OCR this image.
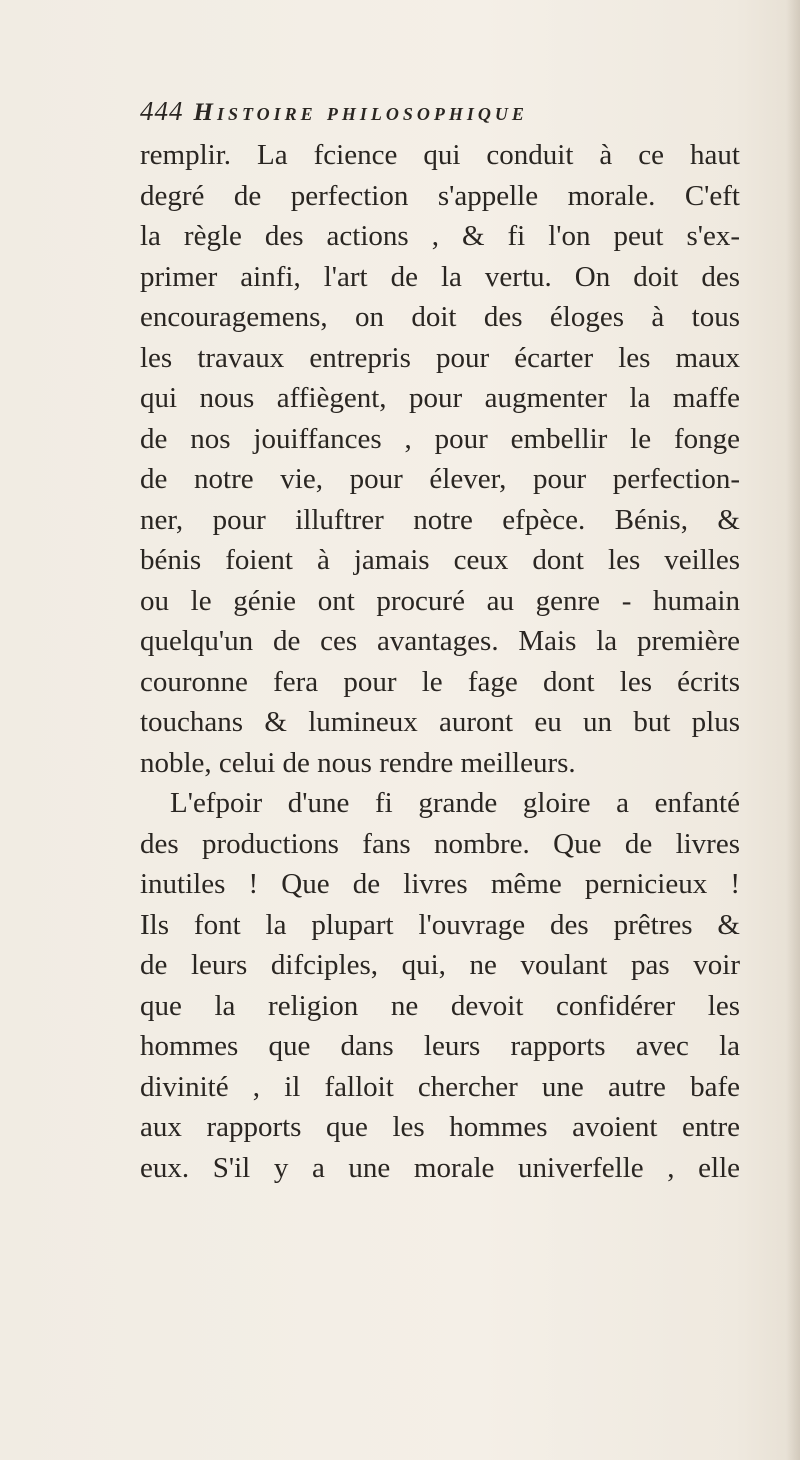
444 Histoire philosophique
remplir. La fcience qui conduit à ce haut
degré de perfection s'appelle morale. C'eft
la règle des actions , & fi l'on peut s'ex-
primer ainfi, l'art de la vertu. On doit des
encouragemens, on doit des éloges à tous
les travaux entrepris pour écarter les maux
qui nous affiègent, pour augmenter la maffe
de nos jouiffances , pour embellir le fonge
de notre vie, pour élever, pour perfection-
ner, pour illuftrer notre efpèce. Bénis, &
bénis foient à jamais ceux dont les veilles
ou le génie ont procuré au genre - humain
quelqu'un de ces avantages. Mais la première
couronne fera pour le fage dont les écrits
touchans & lumineux auront eu un but plus
noble, celui de nous rendre meilleurs.
L'efpoir d'une fi grande gloire a enfanté
des productions fans nombre. Que de livres
inutiles ! Que de livres même pernicieux !
Ils font la plupart l'ouvrage des prêtres &
de leurs difciples, qui, ne voulant pas voir
que la religion ne devoit confidérer les
hommes que dans leurs rapports avec la
divinité , il falloit chercher une autre bafe
aux rapports que les hommes avoient entre
eux. S'il y a une morale univerfelle , elle
